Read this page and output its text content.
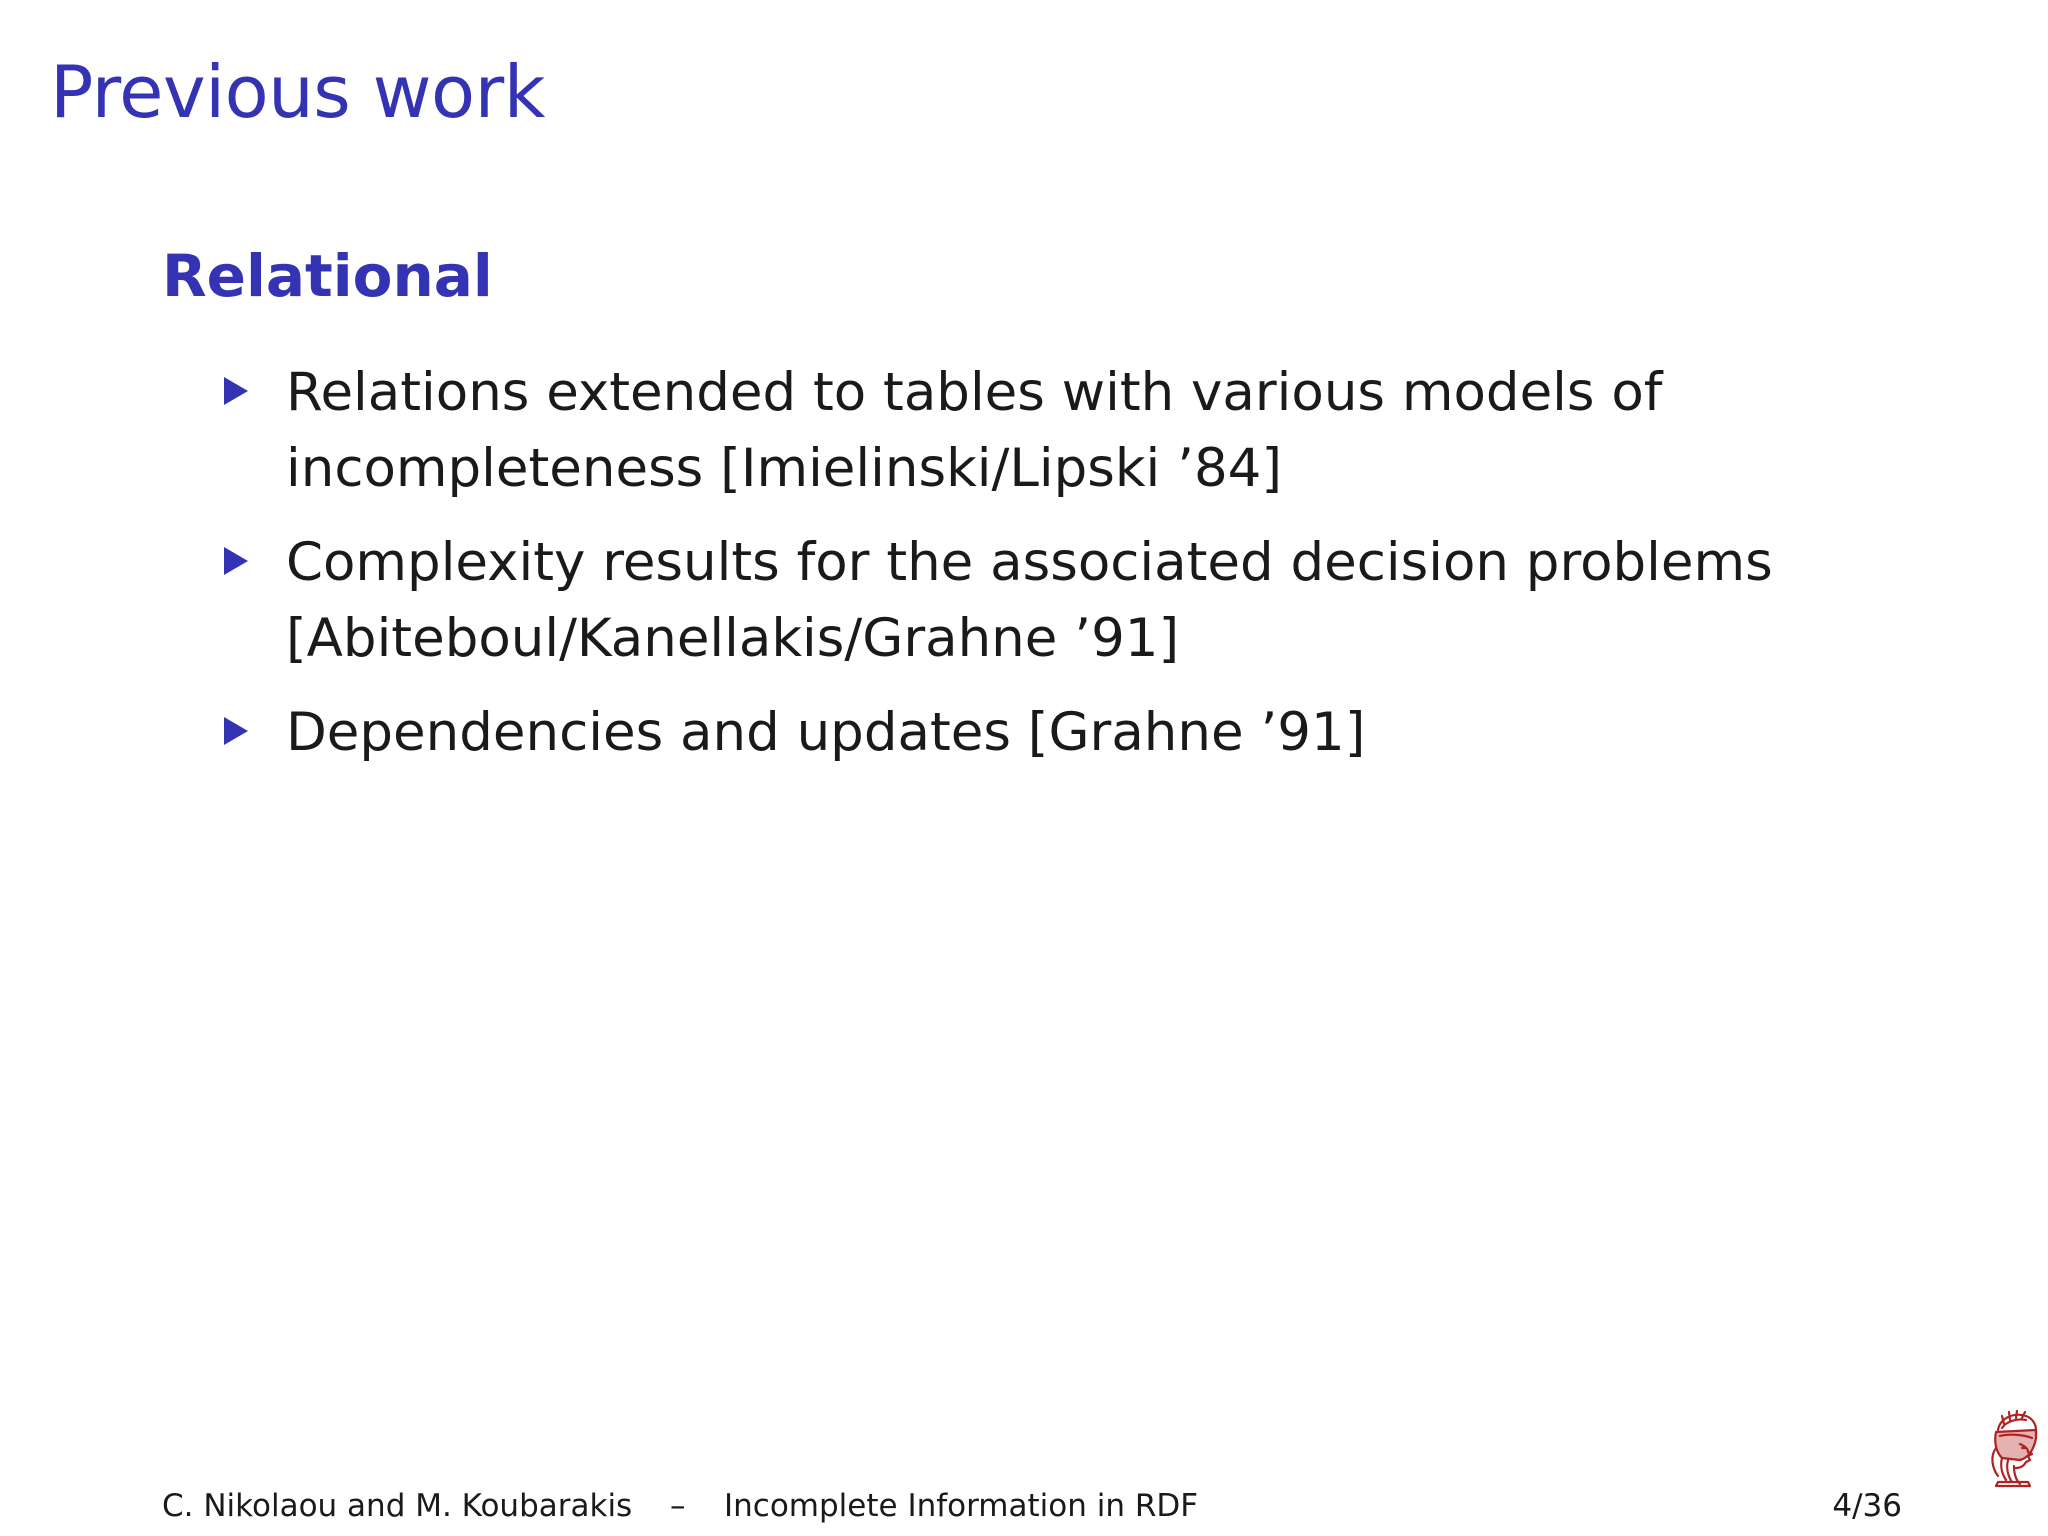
Previous work
Relational
Relations extended to tables with various models of
incompleteness [Imielinski/Lipski ’84]
Complexity results for the associated decision problems
[Abiteboul/Kanellakis/Grahne ’91]
Dependencies and updates [Grahne ’91]
C. Nikolaou and M. Koubarakis – Incomplete Information in RDF	4/36
